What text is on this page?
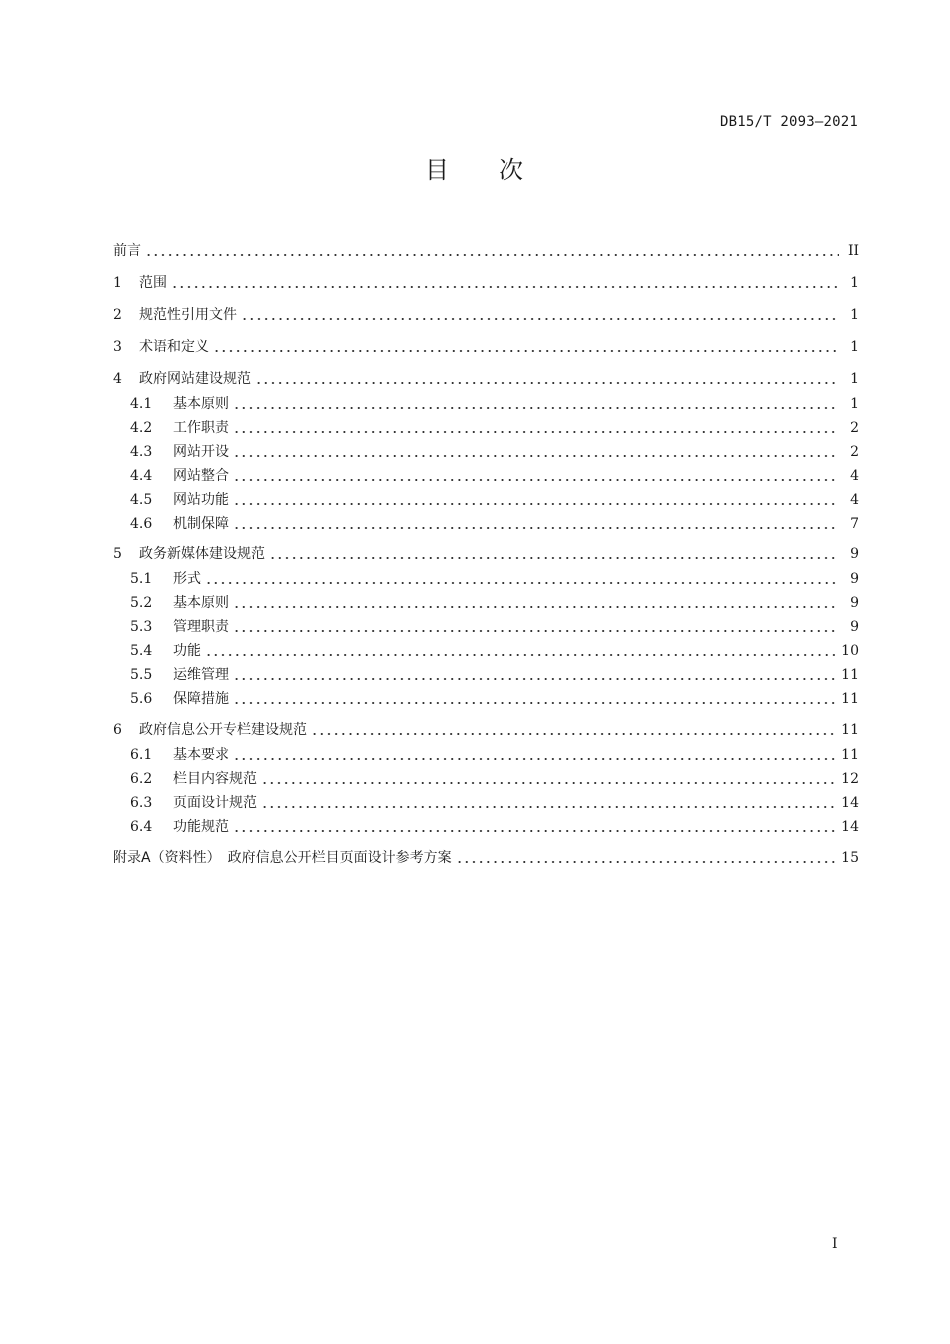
DB15/T 2093—2021
目 次
前言	II
1	范围	1
2	规范性引用文件	1
3	术语和定义	1
4	政府网站建设规范	1
4.1	基本原则	1
4.2	工作职责	2
4.3	网站开设	2
4.4	网站整合	4
4.5	网站功能	4
4.6	机制保障	7
5	政务新媒体建设规范	9
5.1	形式	9
5.2	基本原则	9
5.3	管理职责	9
5.4	功能	10
5.5	运维管理	11
5.6	保障措施	11
6	政府信息公开专栏建设规范	11
6.1	基本要求	11
6.2	栏目内容规范	12
6.3	页面设计规范	14
6.4	功能规范	14
附录A（资料性）　政府信息公开栏目页面设计参考方案	15
I
